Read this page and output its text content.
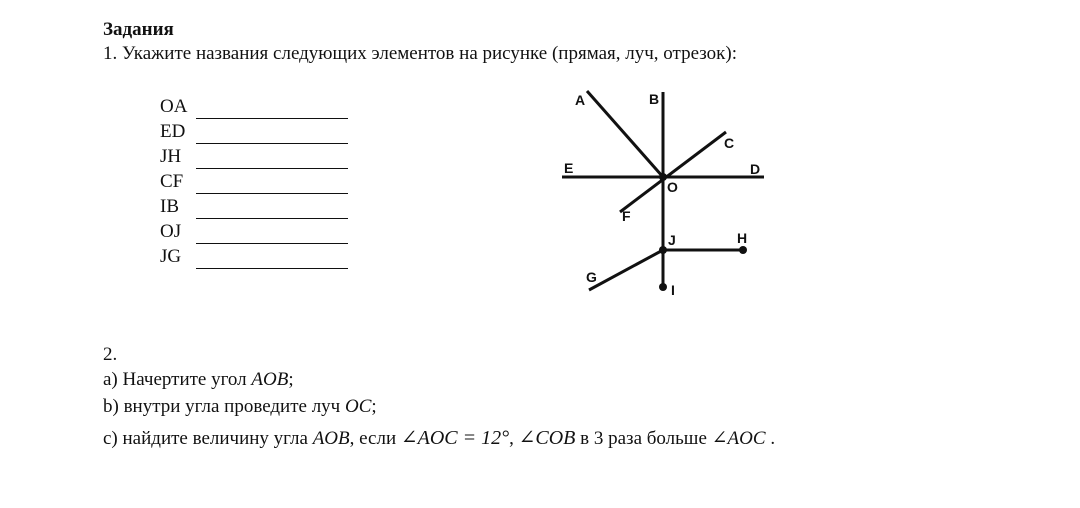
Задания
1. Укажите названия следующих элементов на рисунке (прямая, луч, отрезок):
OA
ED
JH
CF
IB
OJ
JG
A	B
C
D
E
F
O
J	H
G
I
2.
a) Начертите угол AOB;
b) внутри угла проведите луч OC;
c) найдите величину угла AOB, если ∠AOC = 12°, ∠COB в 3 раза больше ∠AOC .
